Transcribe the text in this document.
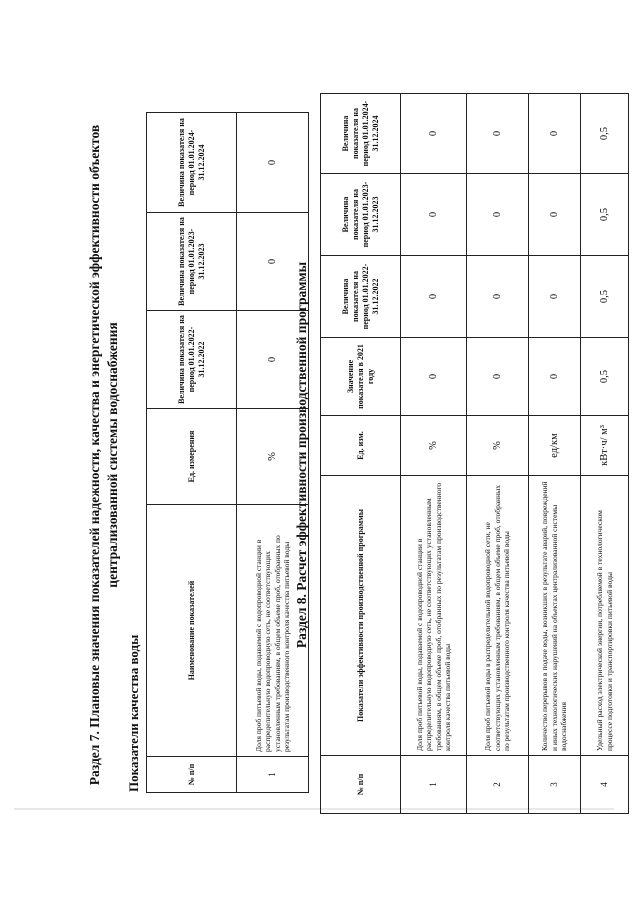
Раздел 7. Плановые значения показателей надежности, качества и энергетической эффективности объектов централизованной системы водоснабжения
Показатели качества воды	№ п/п	Наименование показателей	Ед. измерения	Величина показателя на период 01.01.2022-31.12.2022	Величина показателя на период 01.01.2023-31.12.2023	Величина показателя на период 01.01.2024-31.12.2024
1	Доля проб питьевой воды, подаваемой с водопроводной станции в распределительную водопроводную сеть, не соответствующих установленным требованиям, в общем объеме проб, отобранных по результатам производственного контроля качества питьевой воды	%	0	0	0
Раздел 8. Расчет эффективности производственной программы
№ п/п	Показатели эффективности производственной программы	Ед. изм.	Значение показателя в 2021 году	Величина показателя на период 01.01.2022-31.12.2022	Величина показателя на период 01.01.2023-31.12.2023	Величина показателя на период 01.01.2024-31.12.2024
1	Доля проб питьевой воды, подаваемой с водопроводной станции в распределительную водопроводную сеть, не соответствующих установленным требованиям, в общем объеме проб, отобранных по результатам производственного контроля качества питьевой воды	%	0	0	0	0
2	Доля проб питьевой воды в распределительной водопроводной сети, не соответствующих установленным требованиям, в общем объеме проб, отобранных по результатам производственного контроля качества питьевой воды	%	0	0	0	0
3	Количество перерывов в подаче воды, возникших в результате аварий, повреждений и иных технологических нарушений на объектах централизованной системы водоснабжения	ед/км	0	0	0	0
4	Удельный расход электрической энергии, потребляемой в технологическом процессе подготовки и транспортировки питьевой воды	кВт·ч/ м³	0,5	0,5	0,5	0,5
